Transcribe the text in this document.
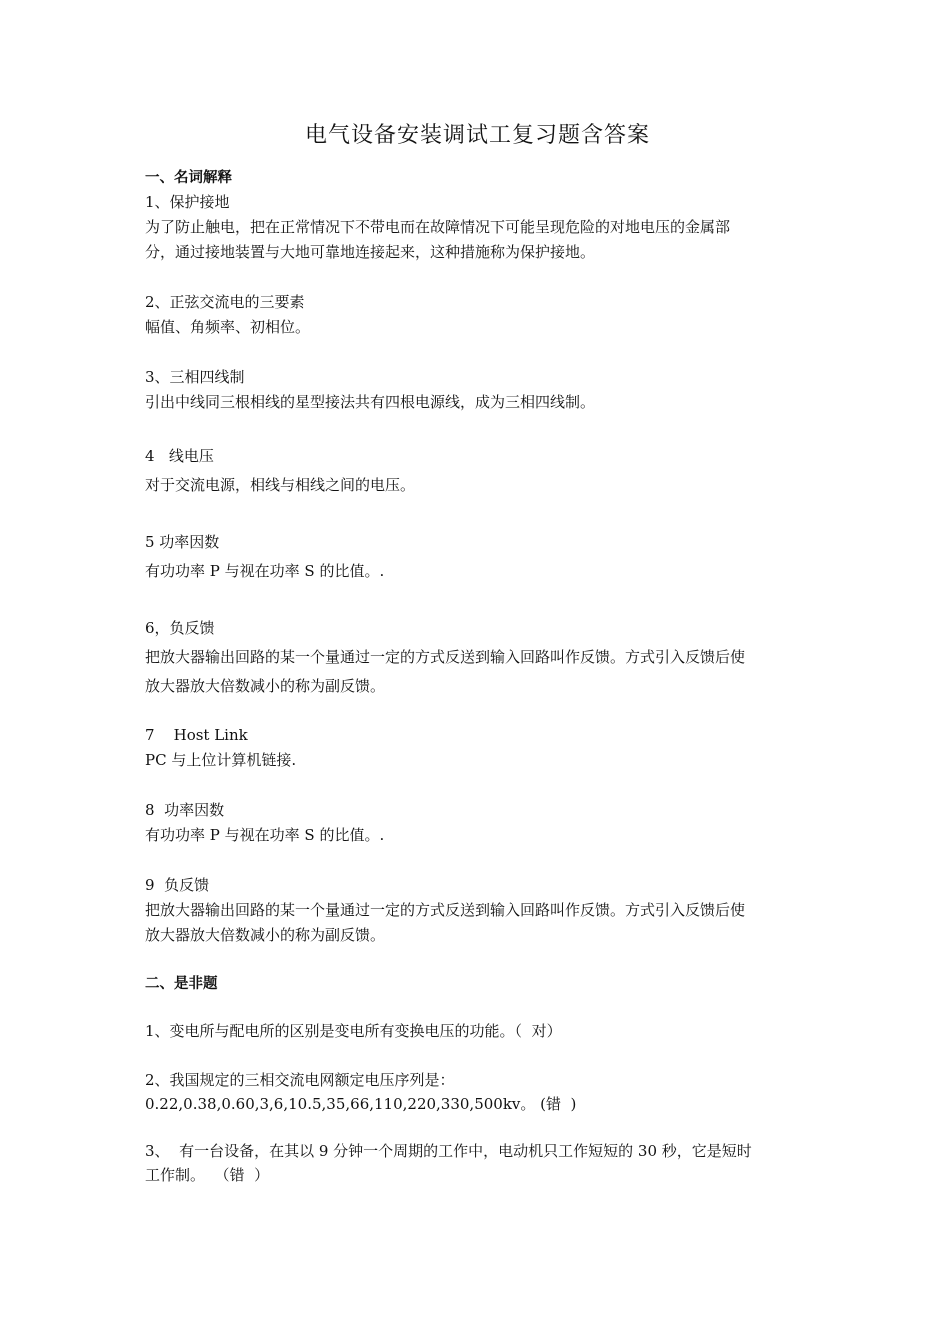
电气设备安装调试工复习题含答案

一、名词解释

1、保护接地

为了防止触电，把在正常情况下不带电而在故障情况下可能呈现危险的对地电压的金属部

分，通过接地装置与大地可靠地连接起来，这种措施称为保护接地。

2、正弦交流电的三要素

幅值、角频率、初相位。

3、三相四线制

引出中线同三根相线的星型接法共有四根电源线，成为三相四线制。

4   线电压

对于交流电源，相线与相线之间的电压。

5 功率因数

有功功率 P 与视在功率 S 的比值。.

6，负反馈

把放大器输出回路的某一个量通过一定的方式反送到输入回路叫作反馈。方式引入反馈后使

放大器放大倍数减小的称为副反馈。

7    Host Link

PC 与上位计算机链接.

8  功率因数

有功功率 P 与视在功率 S 的比值。.

9  负反馈

把放大器输出回路的某一个量通过一定的方式反送到输入回路叫作反馈。方式引入反馈后使

放大器放大倍数减小的称为副反馈。

二、是非题

1、变电所与配电所的区别是变电所有变换电压的功能。（  对）

2、我国规定的三相交流电网额定电压序列是：

0.22,0.38,0.60,3,6,10.5,35,66,110,220,330,500kv。 (错  )

3、  有一台设备，在其以 9 分钟一个周期的工作中，电动机只工作短短的 30 秒，它是短时

工作制。  （错  ）
